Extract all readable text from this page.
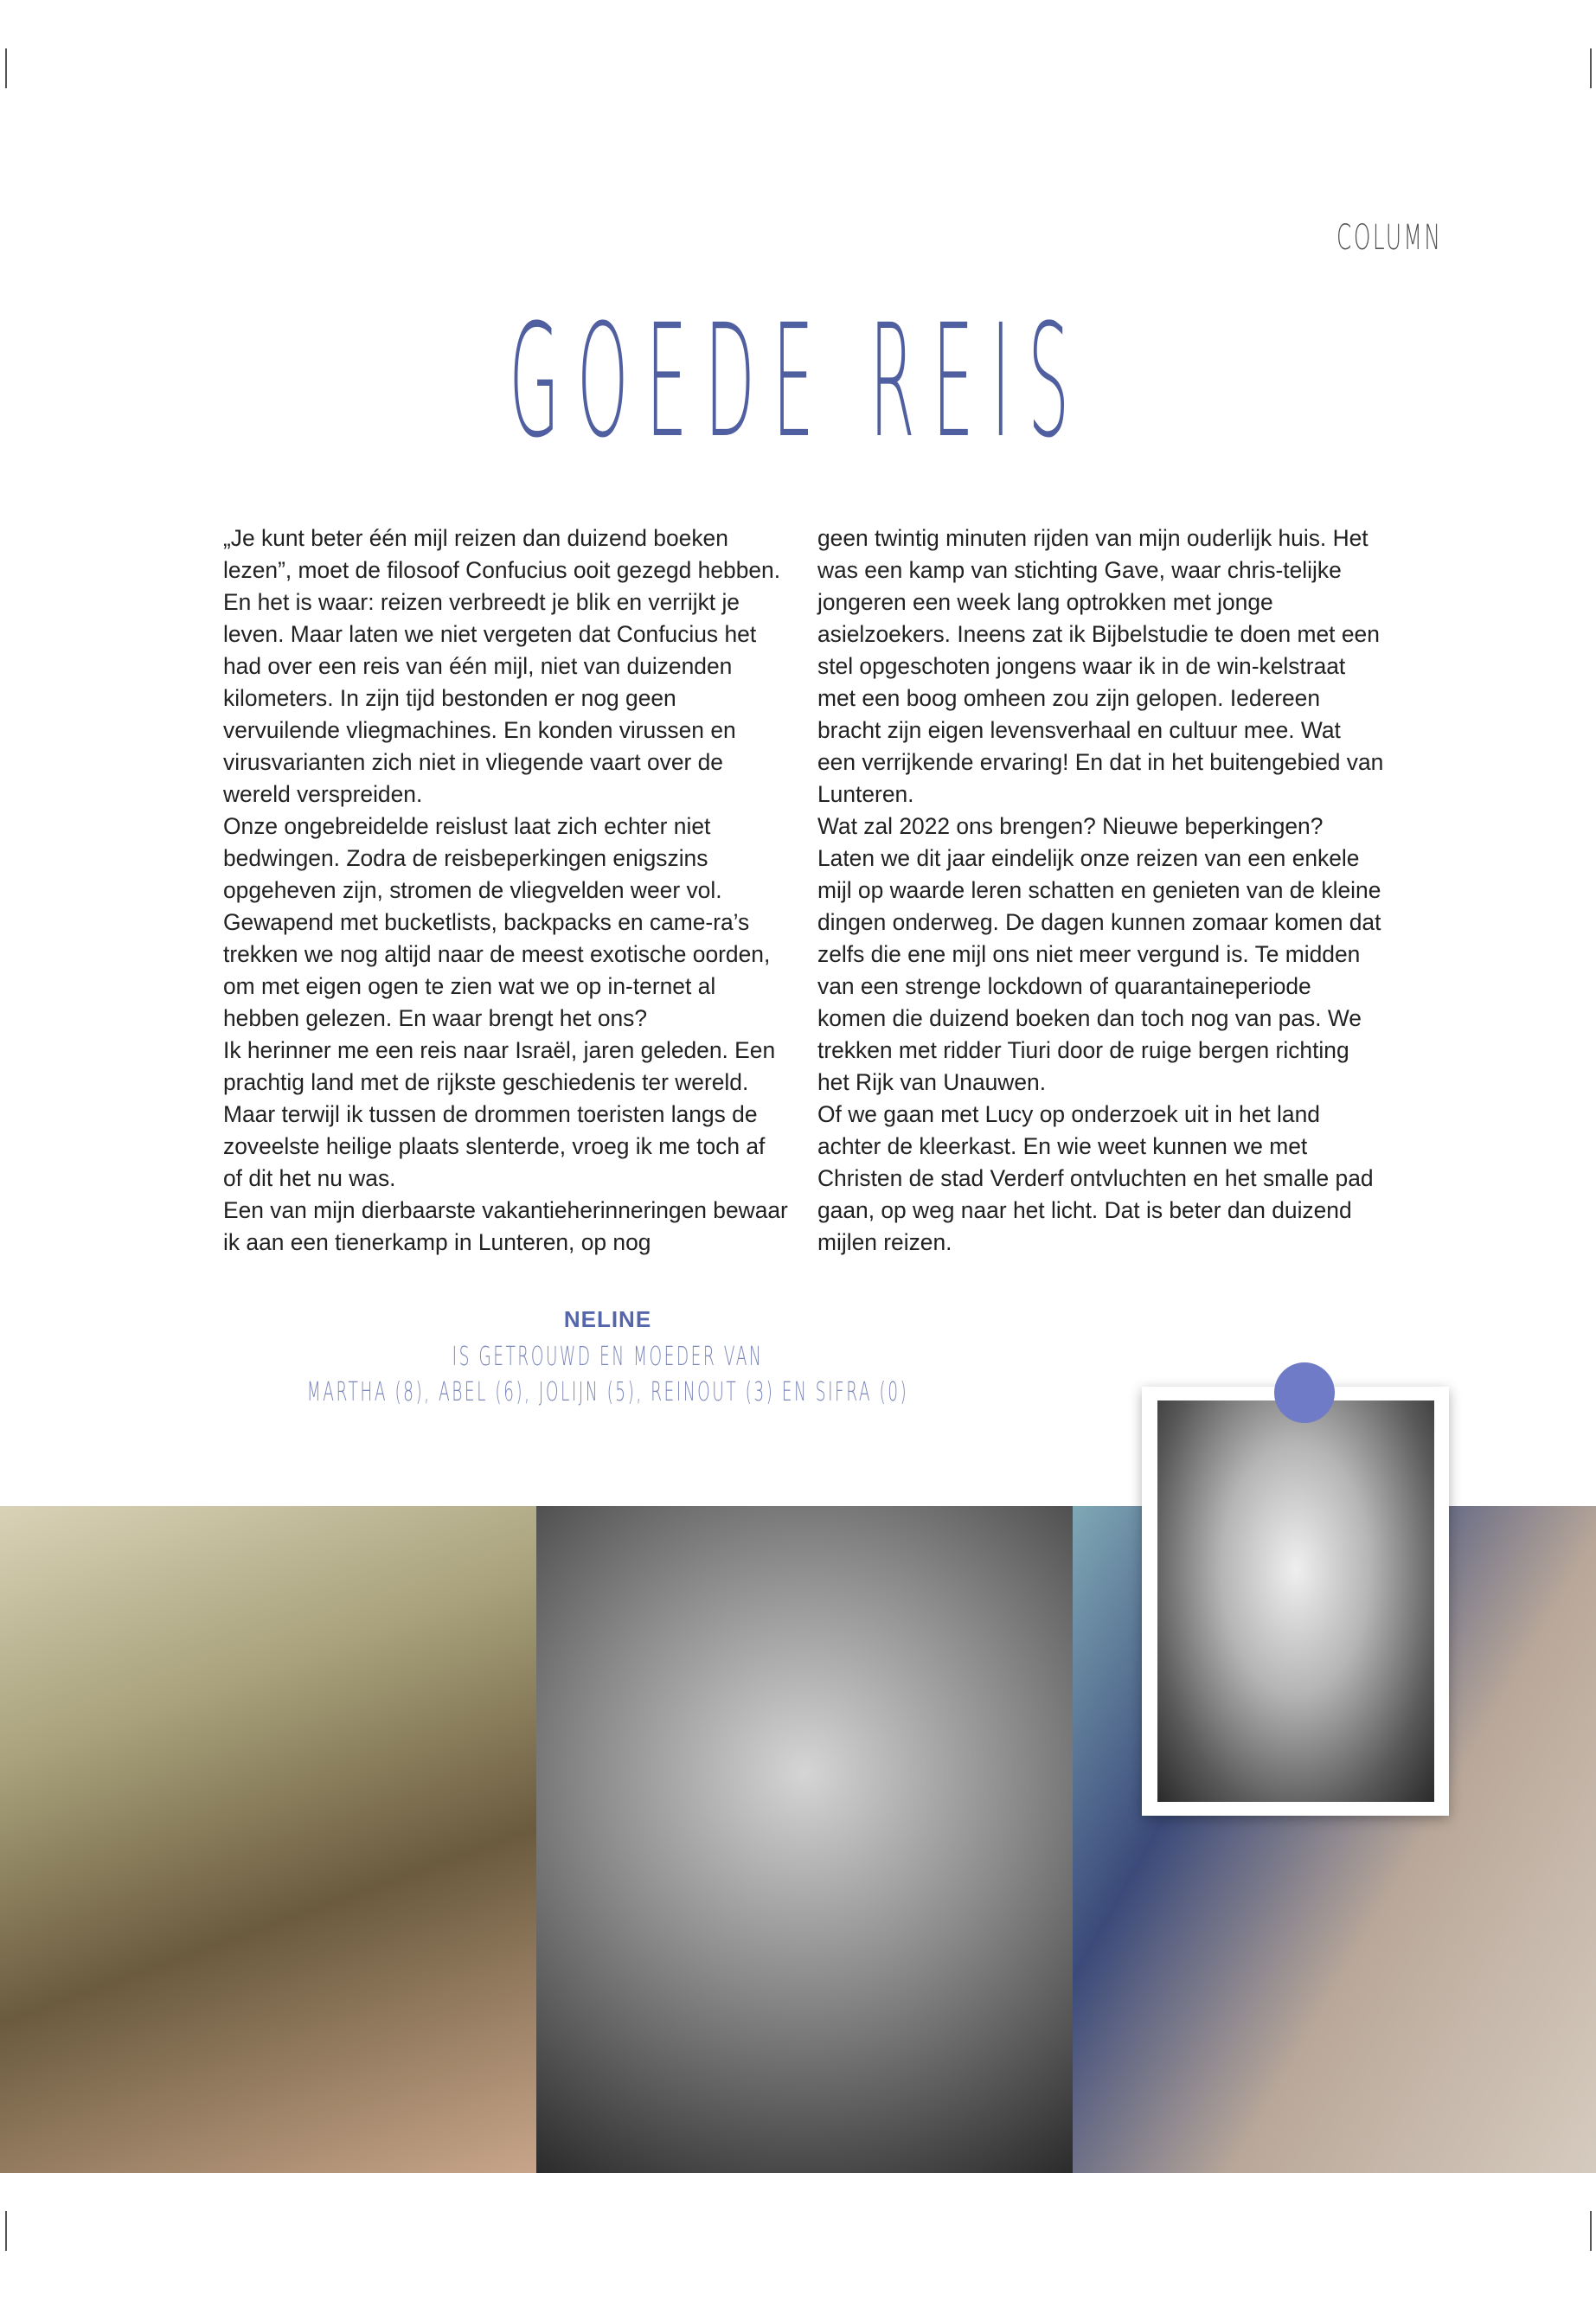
COLUMN
GOEDE REIS

„Je kunt beter één mijl reizen dan duizend boeken lezen”, moet de filosoof Confucius ooit gezegd hebben. En het is waar: reizen verbreedt je blik en verrijkt je leven. Maar laten we niet vergeten dat Confucius het had over een reis van één mijl, niet van duizenden kilometers. In zijn tijd bestonden er nog geen vervuilende vliegmachines. En konden virussen en virusvarianten zich niet in vliegende vaart over de wereld verspreiden.

Onze ongebreidelde reislust laat zich echter niet bedwingen. Zodra de reisbeperkingen enigszins opgeheven zijn, stromen de vliegvelden weer vol. Gewapend met bucketlists, backpacks en came-ra’s trekken we nog altijd naar de meest exotische oorden, om met eigen ogen te zien wat we op in-ternet al hebben gelezen. En waar brengt het ons?

Ik herinner me een reis naar Israël, jaren geleden. Een prachtig land met de rijkste geschiedenis ter wereld. Maar terwijl ik tussen de drommen toeristen langs de zoveelste heilige plaats slenterde, vroeg ik me toch af of dit het nu was.

Een van mijn dierbaarste vakantieherinneringen bewaar ik aan een tienerkamp in Lunteren, op nog

geen twintig minuten rijden van mijn ouderlijk huis. Het was een kamp van stichting Gave, waar chris-telijke jongeren een week lang optrokken met jonge asielzoekers. Ineens zat ik Bijbelstudie te doen met een stel opgeschoten jongens waar ik in de win-kelstraat met een boog omheen zou zijn gelopen. Iedereen bracht zijn eigen levensverhaal en cultuur mee. Wat een verrijkende ervaring! En dat in het buitengebied van Lunteren.

Wat zal 2022 ons brengen? Nieuwe beperkingen? Laten we dit jaar eindelijk onze reizen van een enkele mijl op waarde leren schatten en genieten van de kleine dingen onderweg. De dagen kunnen zomaar komen dat zelfs die ene mijl ons niet meer vergund is. Te midden van een strenge lockdown of quarantaineperiode komen die duizend boeken dan toch nog van pas. We trekken met ridder Tiuri door de ruige bergen richting het Rijk van Unauwen.

Of we gaan met Lucy op onderzoek uit in het land achter de kleerkast. En wie weet kunnen we met Christen de stad Verderf ontvluchten en het smalle pad gaan, op weg naar het licht. Dat is beter dan duizend mijlen reizen.

NELINE
IS GETROUWD EN MOEDER VAN
MARTHA (8), ABEL (6), JOLIJN (5), REINOUT (3) EN SIFRA (0)
